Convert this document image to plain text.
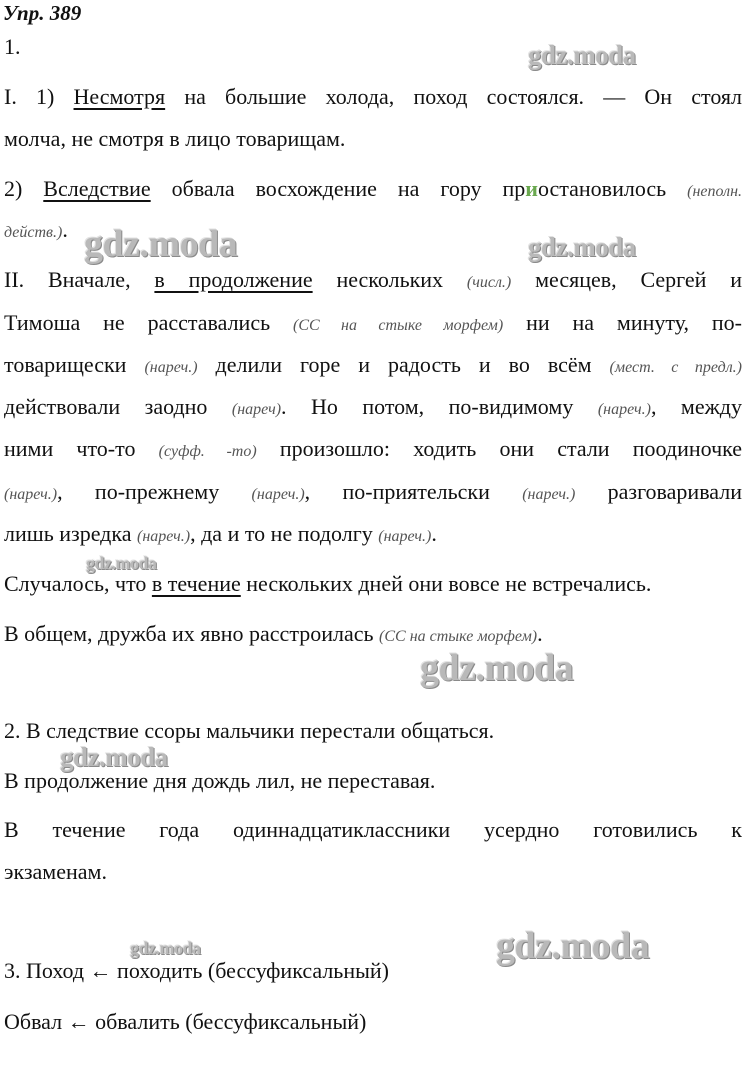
Упр. 389

1.

I. 1) Несмотря на большие холода, поход состоялся. — Он стоял

молча, не смотря в лицо товарищам.

2) Вследствие обвала восхождение на гору приостановилось (неполн.

действ.).

II. Вначале, в продолжение нескольких (числ.) месяцев, Сергей и

Тимоша не расставались (СС на стыке морфем) ни на минуту, по-

товарищески (нареч.) делили горе и радость и во всём (мест. с предл.)

действовали заодно (нареч). Но потом, по-видимому (нареч.), между

ними что-то (суфф. -то) произошло: ходить они стали поодиночке

(нареч.), по-прежнему (нареч.), по-приятельски (нареч.) разговаривали

лишь изредка (нареч.), да и то не подолгу (нареч.).

Случалось, что в течение нескольких дней они вовсе не встречались.

В общем, дружба их явно расстроилась (СС на стыке морфем).

2. В следствие ссоры мальчики перестали общаться.

В продолжение дня дождь лил, не переставая.

В течение года одиннадцатиклассники усердно готовились к

экзаменам.

3. Поход ← походить (бессуфиксальный)

Обвал ← обвалить (бессуфиксальный)

gdz.moda
gdz.moda	gdz.moda
gdz.moda
gdz.moda
gdz.moda
gdz.moda	gdz.moda
